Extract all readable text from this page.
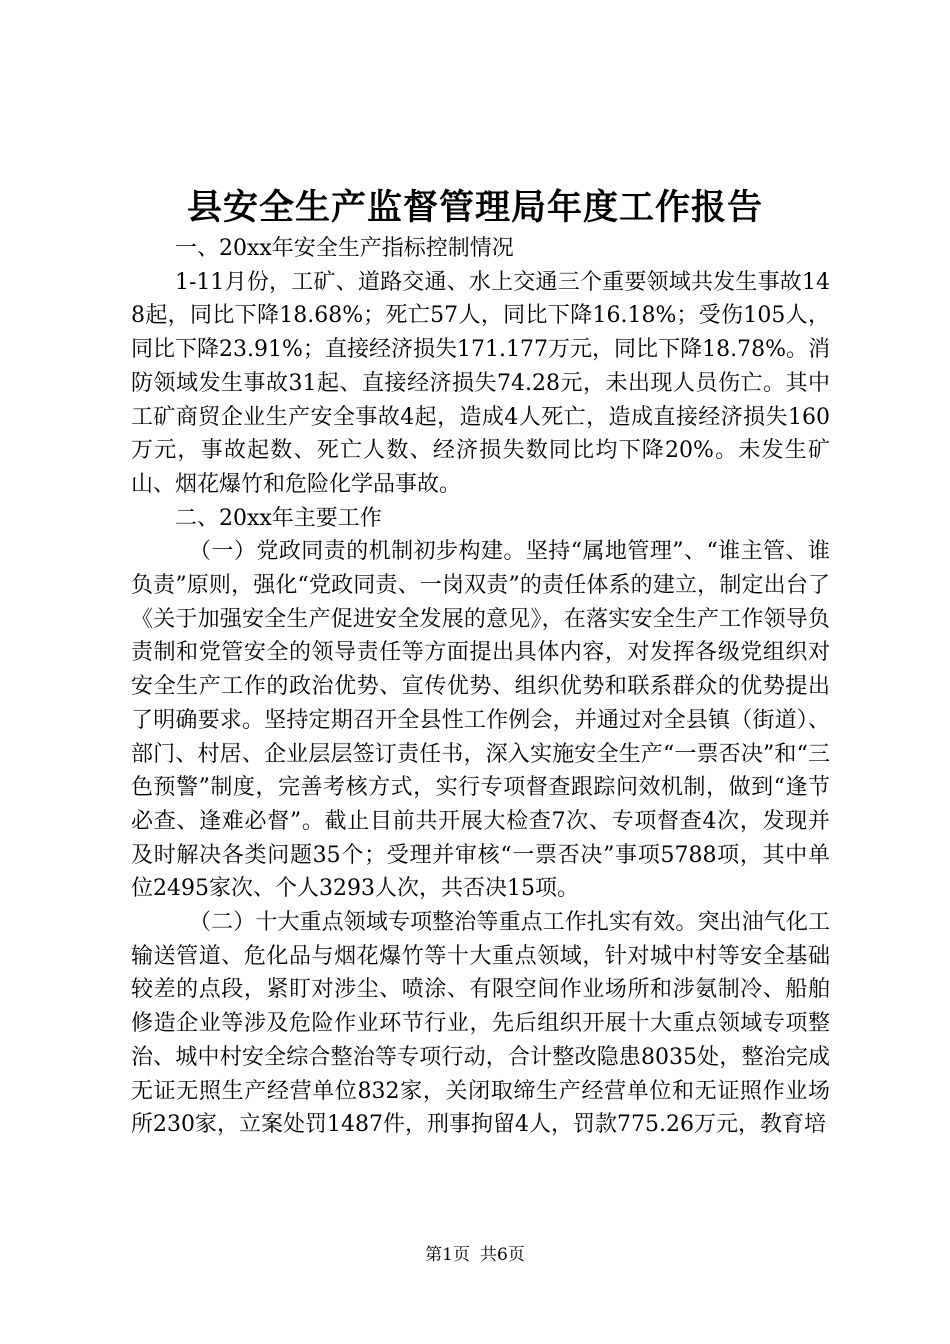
县安全生产监督管理局年度工作报告

一、20xx年安全生产指标控制情况

1-11月份，工矿、道路交通、水上交通三个重要领域共发生事故148起，同比下降18.68%；死亡57人，同比下降16.18%；受伤105人，同比下降23.91%；直接经济损失171.177万元，同比下降18.78%。消防领域发生事故31起、直接经济损失74.28元，未出现人员伤亡。其中工矿商贸企业生产安全事故4起，造成4人死亡，造成直接经济损失160万元，事故起数、死亡人数、经济损失数同比均下降20%。未发生矿山、烟花爆竹和危险化学品事故。

二、20xx年主要工作

（一）党政同责的机制初步构建。坚持“属地管理”、“谁主管、谁负责”原则，强化“党政同责、一岗双责”的责任体系的建立，制定出台了《关于加强安全生产促进安全发展的意见》，在落实安全生产工作领导负责制和党管安全的领导责任等方面提出具体内容，对发挥各级党组织对安全生产工作的政治优势、宣传优势、组织优势和联系群众的优势提出了明确要求。坚持定期召开全县性工作例会，并通过对全县镇（街道）、部门、村居、企业层层签订责任书，深入实施安全生产“一票否决”和“三色预警”制度，完善考核方式，实行专项督查跟踪问效机制，做到“逢节必查、逢难必督”。截止目前共开展大检查7次、专项督查4次，发现并及时解决各类问题35个；受理并审核“一票否决”事项5788项，其中单位2495家次、个人3293人次，共否决15项。

（二）十大重点领域专项整治等重点工作扎实有效。突出油气化工输送管道、危化品与烟花爆竹等十大重点领域，针对城中村等安全基础较差的点段，紧盯对涉尘、喷涂、有限空间作业场所和涉氨制冷、船舶修造企业等涉及危险作业环节行业，先后组织开展十大重点领域专项整治、城中村安全综合整治等专项行动，合计整改隐患8035处，整治完成无证无照生产经营单位832家，关闭取缔生产经营单位和无证照作业场所230家，立案处罚1487件，刑事拘留4人，罚款775.26万元，教育培

第1页 共6页
